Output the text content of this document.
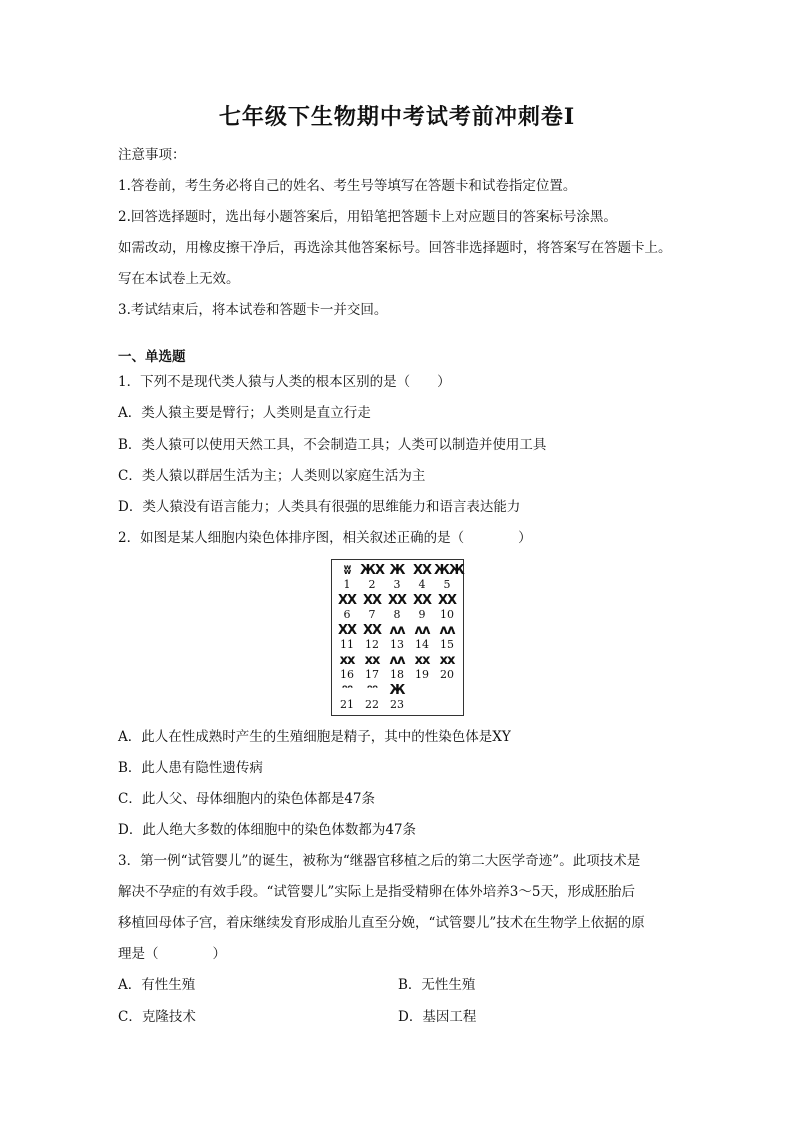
七年级下生物期中考试考前冲刺卷Ⅰ
注意事项：
1.答卷前，考生务必将自己的姓名、考生号等填写在答题卡和试卷指定位置。
2.回答选择题时，选出每小题答案后，用铅笔把答题卡上对应题目的答案标号涂黑。
如需改动，用橡皮擦干净后，再选涂其他答案标号。回答非选择题时，将答案写在答题卡上。
写在本试卷上无效。
3.考试结束后，将本试卷和答题卡一并交回。
一、单选题
1．下列不是现代类人猿与人类的根本区别的是（　　）
A．类人猿主要是臂行；人类则是直立行走
B．类人猿可以使用天然工具，不会制造工具；人类可以制造并使用工具
C．类人猿以群居生活为主；人类则以家庭生活为主
D．类人猿没有语言能力；人类具有很强的思维能力和语言表达能力
2．如图是某人细胞内染色体排序图，相关叙述正确的是（　　　　）
ʬ
1
ЖX
2
Ж
3
XX
4
ЖЖ
5
XX
6
XX
7
XX
8
XX
9
XX
10
XX
11
XX
12
ᴧᴧ
13
ᴧᴧ
14
ᴧᴧ
15
xx
16
xx
17
ᴧᴧ
18
xx
19
xx
20
ᵔᵔ
21
ᵔᵔ
22
Ж
23
A．此人在性成熟时产生的生殖细胞是精子，其中的性染色体是XY
B．此人患有隐性遗传病
C．此人父、母体细胞内的染色体都是47条
D．此人绝大多数的体细胞中的染色体数都为47条
3．第一例“试管婴儿”的诞生，被称为“继器官移植之后的第二大医学奇迹”。此项技术是
解决不孕症的有效手段。“试管婴儿”实际上是指受精卵在体外培养3～5天，形成胚胎后
移植回母体子宫，着床继续发育形成胎儿直至分娩，“试管婴儿”技术在生物学上依据的原
理是（　　　　）
A．有性生殖	B．无性生殖
C．克隆技术	D．基因工程
